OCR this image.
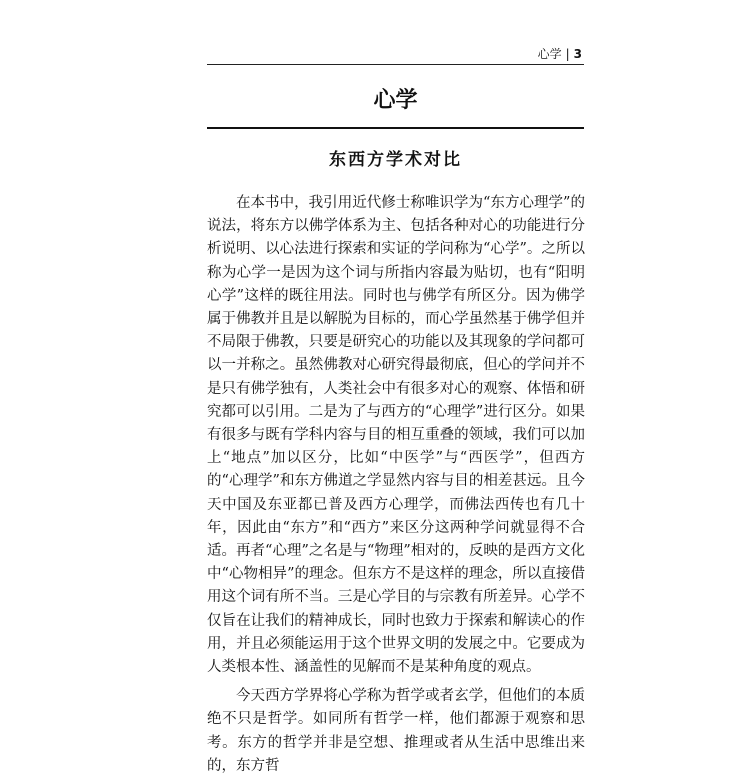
心学 | 3
心学
东西方学术对比

在本书中，我引用近代修士称唯识学为“东方心理学”的说法，将东方以佛学体系为主、包括各种对心的功能进行分析说明、以心法进行探索和实证的学问称为“心学”。之所以称为心学一是因为这个词与所指内容最为贴切，也有“阳明心学”这样的既往用法。同时也与佛学有所区分。因为佛学属于佛教并且是以解脱为目标的，而心学虽然基于佛学但并不局限于佛教，只要是研究心的功能以及其现象的学问都可以一并称之。虽然佛教对心研究得最彻底，但心的学问并不是只有佛学独有，人类社会中有很多对心的观察、体悟和研究都可以引用。二是为了与西方的“心理学”进行区分。如果有很多与既有学科内容与目的相互重叠的领域，我们可以加上“地点”加以区分，比如“中医学”与“西医学”，但西方的“心理学”和东方佛道之学显然内容与目的相差甚远。且今天中国及东亚都已普及西方心理学，而佛法西传也有几十年，因此由“东方”和“西方”来区分这两种学问就显得不合适。再者“心理”之名是与“物理”相对的，反映的是西方文化中“心物相异”的理念。但东方不是这样的理念，所以直接借用这个词有所不当。三是心学目的与宗教有所差异。心学不仅旨在让我们的精神成长，同时也致力于探索和解读心的作用，并且必须能运用于这个世界文明的发展之中。它要成为人类根本性、涵盖性的见解而不是某种角度的观点。

今天西方学界将心学称为哲学或者玄学，但他们的本质绝不只是哲学。如同所有哲学一样，他们都源于观察和思考。东方的哲学并非是空想、推理或者从生活中思维出来的，东方哲
